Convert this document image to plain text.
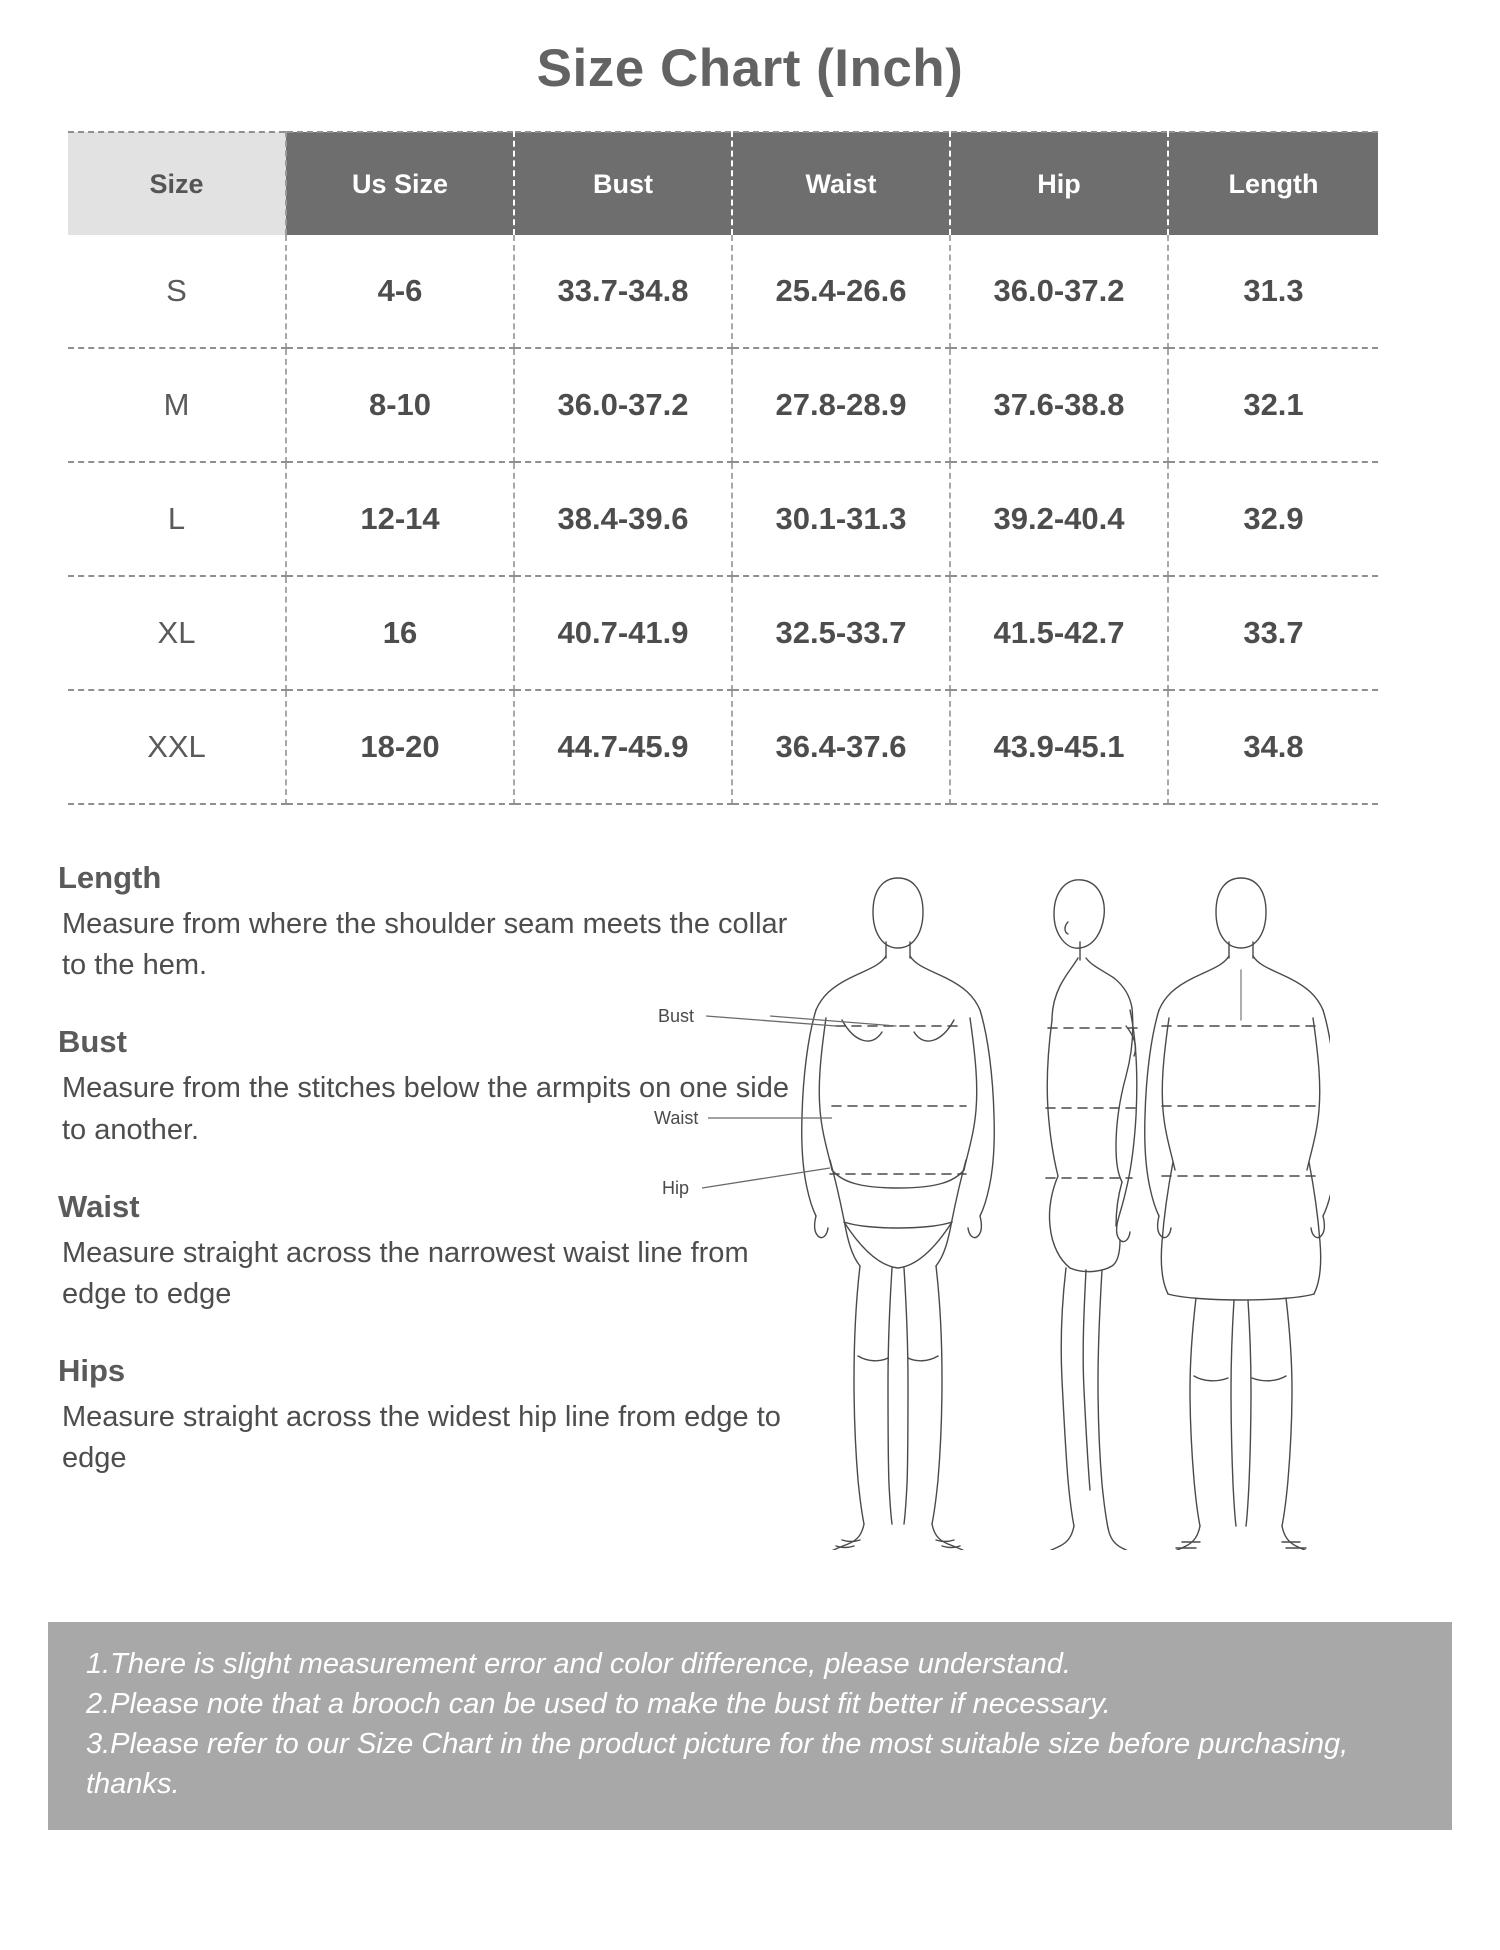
Size Chart (Inch)
Size	Us Size	Bust	Waist	Hip	Length
S	4-6	33.7-34.8	25.4-26.6	36.0-37.2	31.3
M	8-10	36.0-37.2	27.8-28.9	37.6-38.8	32.1
L	12-14	38.4-39.6	30.1-31.3	39.2-40.4	32.9
XL	16	40.7-41.9	32.5-33.7	41.5-42.7	33.7
XXL	18-20	44.7-45.9	36.4-37.6	43.9-45.1	34.8

Length

Measure from where the shoulder seam meets the collar to the hem.

Bust

Measure from the stitches below the armpits on one side to another.

Waist

Measure straight across the narrowest waist line from edge to edge

Hips

Measure straight across the widest hip line from edge to edge

Bust
Waist
Hip
1.There is slight measurement error and color difference, please understand.
2.Please note that a brooch can be used to make the bust fit better if necessary.
3.Please refer to our Size Chart in the product picture for the most suitable size before purchasing, thanks.
